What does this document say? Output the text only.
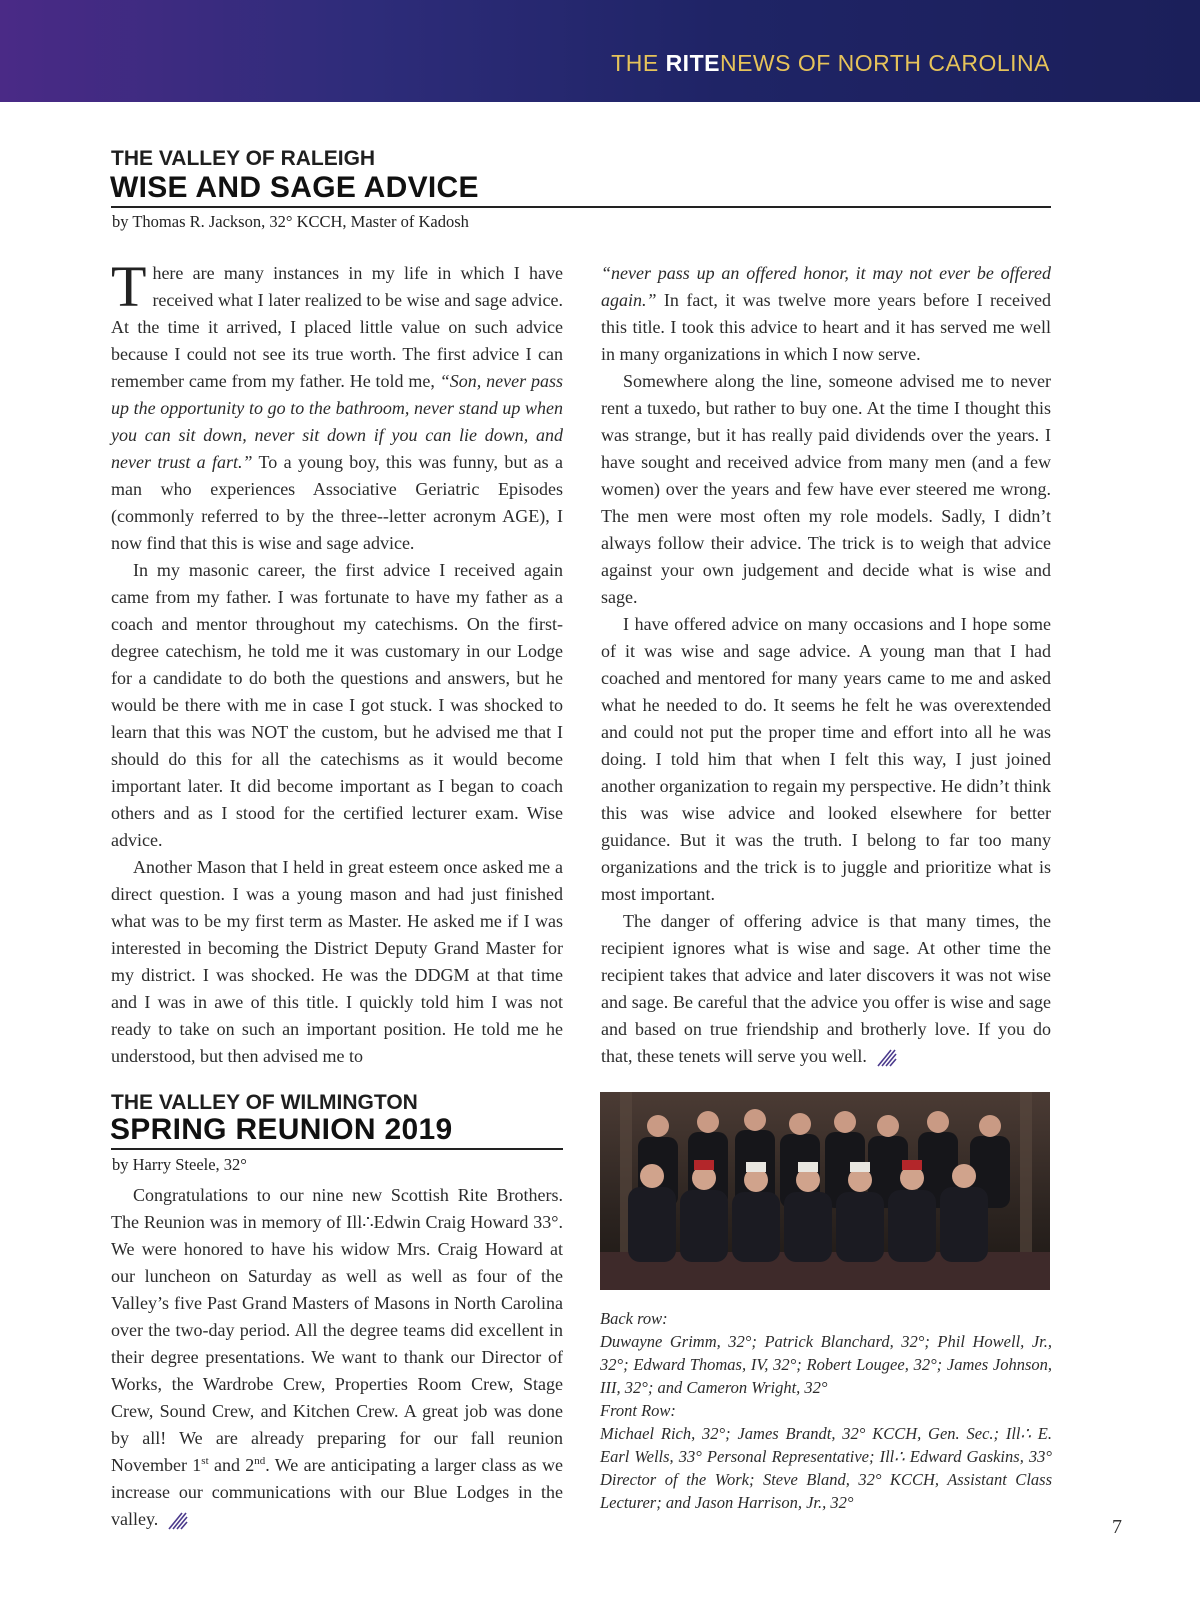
THE RITENEWS OF NORTH CAROLINA
THE VALLEY OF RALEIGH
WISE AND SAGE ADVICE
by Thomas R. Jackson, 32° KCCH, Master of Kadosh

There are many instances in my life in which I have received what I later realized to be wise and sage advice. At the time it arrived, I placed little value on such advice because I could not see its true worth. The first advice I can remember came from my father. He told me, “Son, never pass up the opportunity to go to the bathroom, never stand up when you can sit down, never sit down if you can lie down, and never trust a fart.” To a young boy, this was funny, but as a man who experiences Associative Geriatric Episodes (commonly referred to by the three--letter acronym AGE), I now find that this is wise and sage advice.

In my masonic career, the first advice I received again came from my father. I was fortunate to have my father as a coach and mentor throughout my catechisms. On the first-degree catechism, he told me it was customary in our Lodge for a candidate to do both the questions and answers, but he would be there with me in case I got stuck. I was shocked to learn that this was NOT the custom, but he advised me that I should do this for all the catechisms as it would become important later. It did become important as I began to coach others and as I stood for the certified lecturer exam. Wise advice.

Another Mason that I held in great esteem once asked me a direct question. I was a young mason and had just finished what was to be my first term as Master. He asked me if I was interested in becoming the District Deputy Grand Master for my district. I was shocked. He was the DDGM at that time and I was in awe of this title. I quickly told him I was not ready to take on such an important position. He told me he understood, but then advised me to

“never pass up an offered honor, it may not ever be offered again.” In fact, it was twelve more years before I received this title. I took this advice to heart and it has served me well in many organizations in which I now serve.

Somewhere along the line, someone advised me to never rent a tuxedo, but rather to buy one. At the time I thought this was strange, but it has really paid dividends over the years. I have sought and received advice from many men (and a few women) over the years and few have ever steered me wrong. The men were most often my role models. Sadly, I didn’t always follow their advice. The trick is to weigh that advice against your own judgement and decide what is wise and sage.

I have offered advice on many occasions and I hope some of it was wise and sage advice. A young man that I had coached and mentored for many years came to me and asked what he needed to do. It seems he felt he was overextended and could not put the proper time and effort into all he was doing. I told him that when I felt this way, I just joined another organization to regain my perspective. He didn’t think this was wise advice and looked elsewhere for better guidance. But it was the truth. I belong to far too many organizations and the trick is to juggle and prioritize what is most important.

The danger of offering advice is that many times, the recipient ignores what is wise and sage. At other time the recipient takes that advice and later discovers it was not wise and sage. Be careful that the advice you offer is wise and sage and based on true friendship and brotherly love. If you do that, these tenets will serve you well.

THE VALLEY OF WILMINGTON
SPRING REUNION 2019
by Harry Steele, 32°

Congratulations to our nine new Scottish Rite Brothers. The Reunion was in memory of Ill∴Edwin Craig Howard 33°. We were honored to have his widow Mrs. Craig Howard at our luncheon on Saturday as well as well as four of the Valley’s five Past Grand Masters of Masons in North Carolina over the two-day period. All the degree teams did excellent in their degree presentations. We want to thank our Director of Works, the Wardrobe Crew, Properties Room Crew, Stage Crew, Sound Crew, and Kitchen Crew. A great job was done by all! We are already preparing for our fall reunion November 1st and 2nd. We are anticipating a larger class as we increase our communications with our Blue Lodges in the valley.

Back row:
Duwayne Grimm, 32°; Patrick Blanchard, 32°; Phil Howell, Jr., 32°; Edward Thomas, IV, 32°; Robert Lougee, 32°; James Johnson, III, 32°; and Cameron Wright, 32°
Front Row:
Michael Rich, 32°; James Brandt, 32° KCCH, Gen. Sec.; Ill∴ E. Earl Wells, 33° Personal Representative; Ill∴ Edward Gaskins, 33° Director of the Work; Steve Bland, 32° KCCH, Assistant Class Lecturer; and Jason Harrison, Jr., 32°
7
